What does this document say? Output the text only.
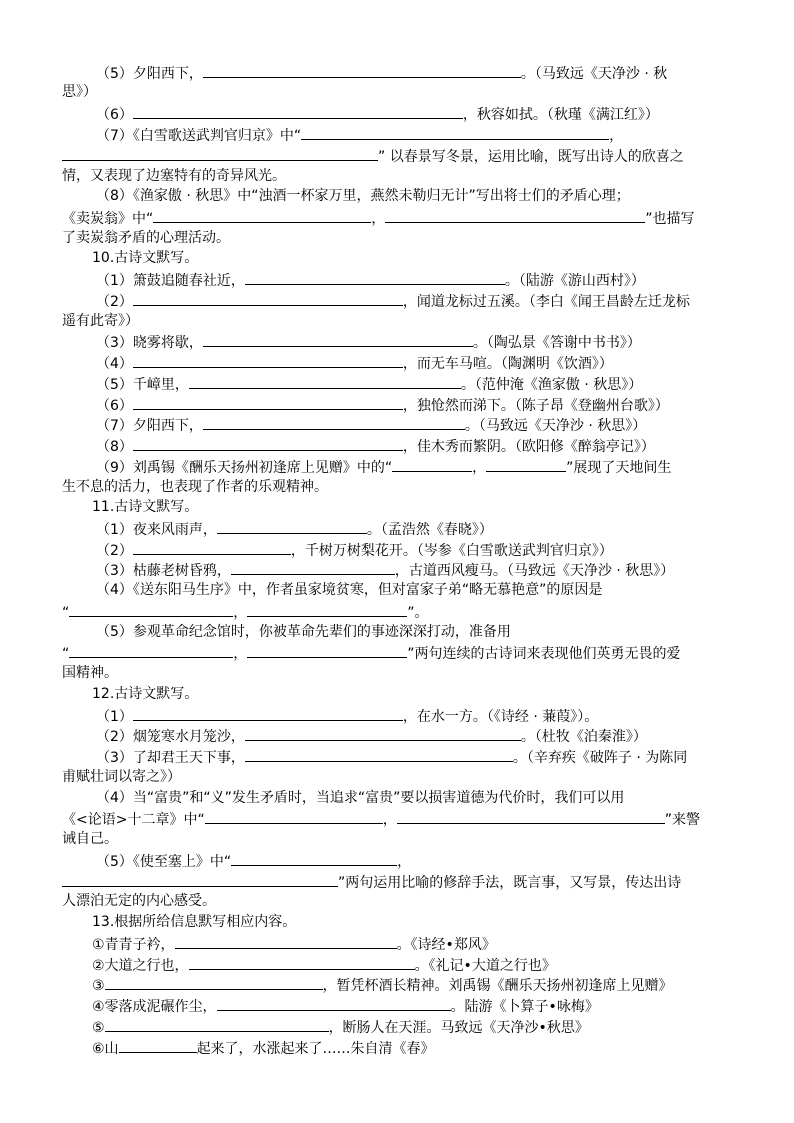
（5）夕阳西下，	。（马致远《天净沙 · 秋
思》）
（6）	，秋容如拭。（秋瑾《满江红》）
（7）《白雪歌送武判官归京》中“	，
” 以春景写冬景，运用比喻，既写出诗人的欣喜之
情，又表现了边塞特有的奇异风光。
（8）《渔家傲 · 秋思》中“浊酒一杯家万里，燕然未勒归无计”写出将士们的矛盾心理；
《卖炭翁》中“	，	”也描写
了卖炭翁矛盾的心理活动。
10.古诗文默写。
（1）箫鼓追随春社近，	。（陆游《游山西村》）
（2）	，闻道龙标过五溪。（李白《闻王昌龄左迁龙标
遥有此寄》）
（3）晓雾将歇，	。（陶弘景《答谢中书书》）
（4）	，而无车马喧。（陶渊明《饮酒》）
（5）千嶂里，	。（范仲淹《渔家傲 · 秋思》）
（6）	，独怆然而涕下。（陈子昂《登幽州台歌》）
（7）夕阳西下，	。（马致远《天净沙 · 秋思》）
（8）	，佳木秀而繁阴。（欧阳修《醉翁亭记》）
（9）刘禹锡《酬乐天扬州初逢席上见赠》中的“	，	”展现了天地间生
生不息的活力，也表现了作者的乐观精神。
11.古诗文默写。
（1）夜来风雨声，	。（孟浩然《春晓》）
（2）	，千树万树梨花开。（岑参《白雪歌送武判官归京》）
（3）枯藤老树昏鸦，	，古道西风瘦马。（马致远《天净沙 · 秋思》）
（4）《送东阳马生序》中，作者虽家境贫寒，但对富家子弟“略无慕艳意”的原因是
“	，	”。
（5）参观革命纪念馆时，你被革命先辈们的事迹深深打动，准备用
“	，	”两句连续的古诗词来表现他们英勇无畏的爱
国精神。
12.古诗文默写。
（1）	，在水一方。（《诗经 · 蒹葭》）。
（2）烟笼寒水月笼沙，	。（杜牧《泊秦淮》）
（3）了却君王天下事，	。（辛弃疾《破阵子 · 为陈同
甫赋壮词以寄之》）
（4）当“富贵”和“义”发生矛盾时，当追求“富贵”要以损害道德为代价时，我们可以用
《<论语>十二章》中“	，	”来警
诫自己。
（5）《使至塞上》中“	，
”两句运用比喻的修辞手法，既言事，又写景，传达出诗
人漂泊无定的内心感受。
13.根据所给信息默写相应内容。
①青青子衿，	。《诗经•郑风》
②大道之行也，	。《礼记•大道之行也》
③	，暂凭杯酒长精神。刘禹锡《酬乐天扬州初逢席上见赠》
④零落成泥碾作尘，	。陆游《卜算子•咏梅》
⑤	，断肠人在天涯。马致远《天净沙•秋思》
⑥山	起来了，水涨起来了……朱自清《春》
